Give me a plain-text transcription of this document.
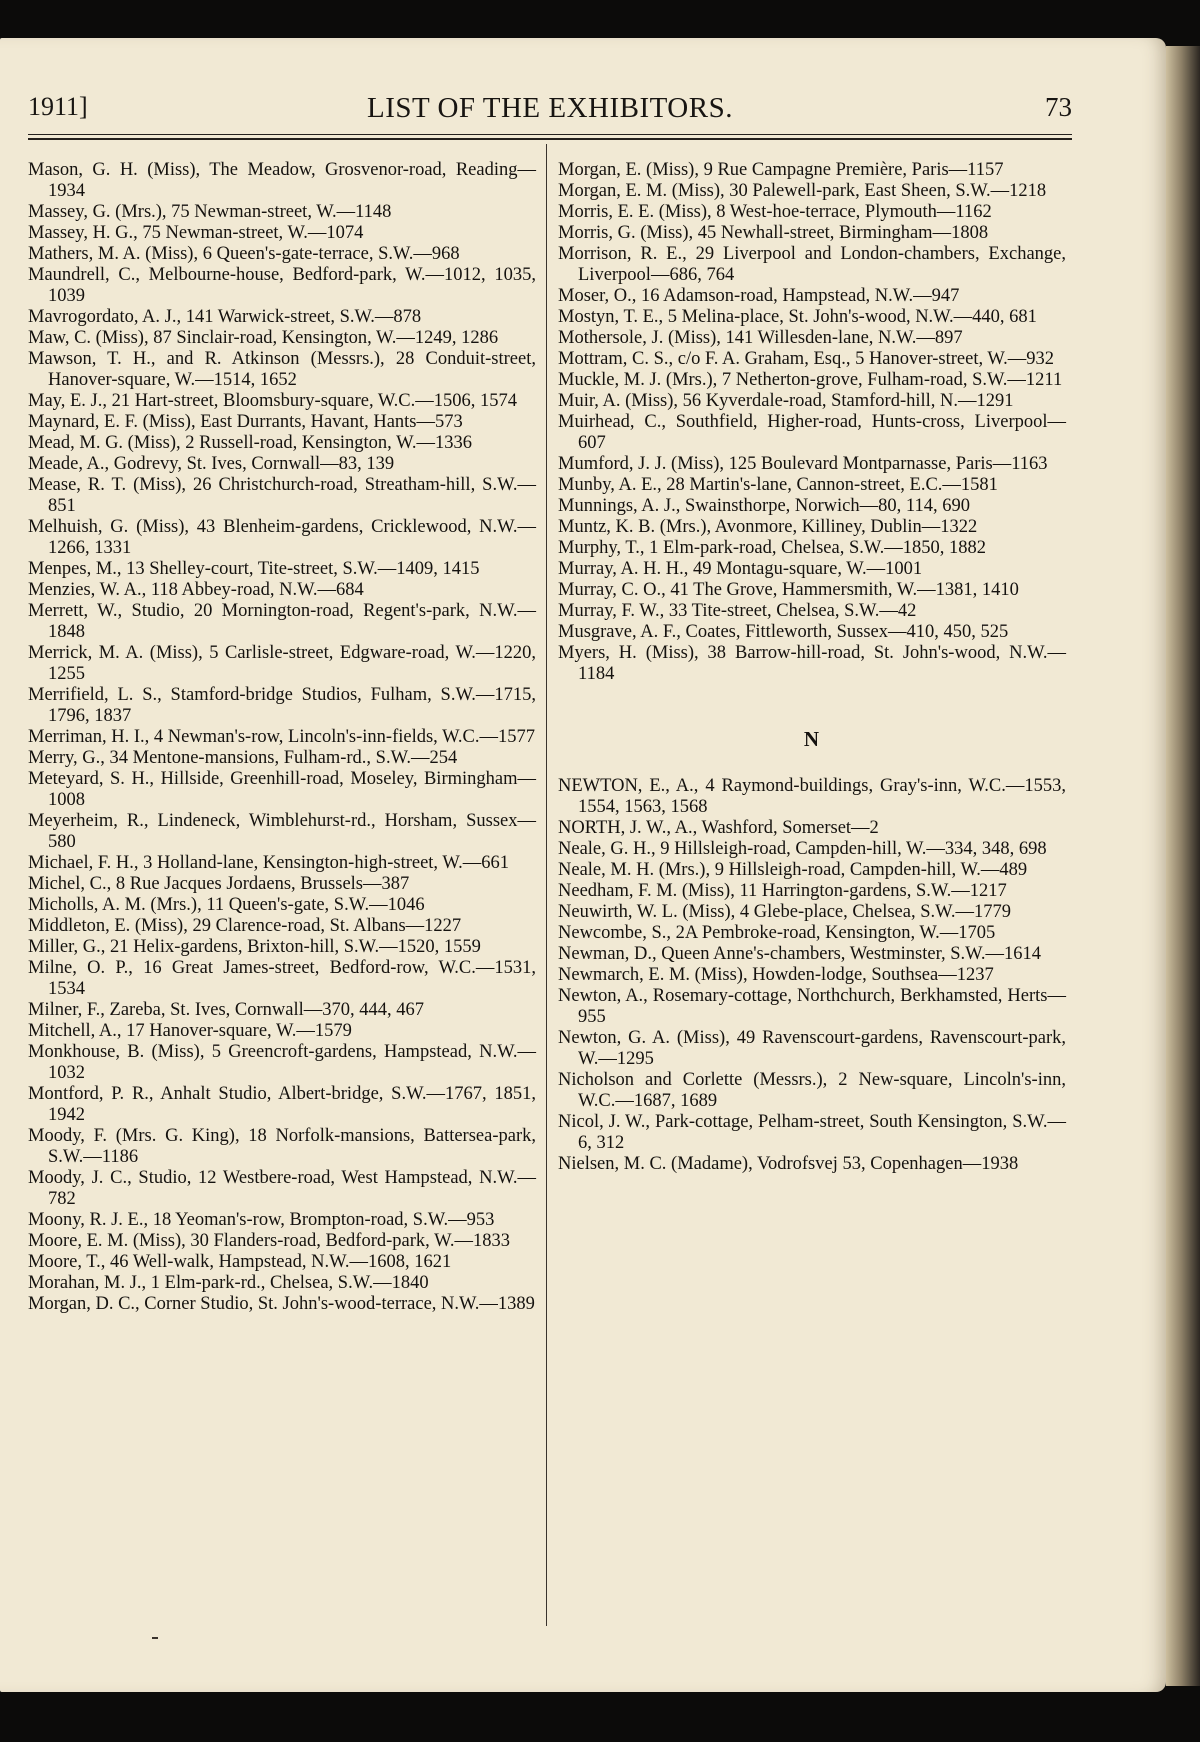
1911]	LIST OF THE EXHIBITORS.	73

Mason, G. H. (Miss), The Meadow, Grosvenor-road, Reading—1934

Massey, G. (Mrs.), 75 Newman-street, W.—1148

Massey, H. G., 75 Newman-street, W.—1074

Mathers, M. A. (Miss), 6 Queen's-gate-terrace, S.W.—968

Maundrell, C., Melbourne-house, Bedford-park, W.—1012, 1035, 1039

Mavrogordato, A. J., 141 Warwick-street, S.W.—878

Maw, C. (Miss), 87 Sinclair-road, Kensington, W.—1249, 1286

Mawson, T. H., and R. Atkinson (Messrs.), 28 Conduit-street, Hanover-square, W.—1514, 1652

May, E. J., 21 Hart-street, Bloomsbury-square, W.C.—1506, 1574

Maynard, E. F. (Miss), East Durrants, Havant, Hants—573

Mead, M. G. (Miss), 2 Russell-road, Kensington, W.—1336

Meade, A., Godrevy, St. Ives, Cornwall—83, 139

Mease, R. T. (Miss), 26 Christchurch-road, Streatham-hill, S.W.—851

Melhuish, G. (Miss), 43 Blenheim-gardens, Cricklewood, N.W.—1266, 1331

Menpes, M., 13 Shelley-court, Tite-street, S.W.—1409, 1415

Menzies, W. A., 118 Abbey-road, N.W.—684

Merrett, W., Studio, 20 Mornington-road, Regent's-park, N.W.—1848

Merrick, M. A. (Miss), 5 Carlisle-street, Edgware-road, W.—1220, 1255

Merrifield, L. S., Stamford-bridge Studios, Fulham, S.W.—1715, 1796, 1837

Merriman, H. I., 4 Newman's-row, Lincoln's-inn-fields, W.C.—1577

Merry, G., 34 Mentone-mansions, Fulham-rd., S.W.—254

Meteyard, S. H., Hillside, Greenhill-road, Moseley, Birmingham—1008

Meyerheim, R., Lindeneck, Wimblehurst-rd., Horsham, Sussex—580

Michael, F. H., 3 Holland-lane, Kensington-high-street, W.—661

Michel, C., 8 Rue Jacques Jordaens, Brussels—387

Micholls, A. M. (Mrs.), 11 Queen's-gate, S.W.—1046

Middleton, E. (Miss), 29 Clarence-road, St. Albans—1227

Miller, G., 21 Helix-gardens, Brixton-hill, S.W.—1520, 1559

Milne, O. P., 16 Great James-street, Bedford-row, W.C.—1531, 1534

Milner, F., Zareba, St. Ives, Cornwall—370, 444, 467

Mitchell, A., 17 Hanover-square, W.—1579

Monkhouse, B. (Miss), 5 Greencroft-gardens, Hampstead, N.W.—1032

Montford, P. R., Anhalt Studio, Albert-bridge, S.W.—1767, 1851, 1942

Moody, F. (Mrs. G. King), 18 Norfolk-mansions, Battersea-park, S.W.—1186

Moody, J. C., Studio, 12 Westbere-road, West Hampstead, N.W.—782

Moony, R. J. E., 18 Yeoman's-row, Brompton-road, S.W.—953

Moore, E. M. (Miss), 30 Flanders-road, Bedford-park, W.—1833

Moore, T., 46 Well-walk, Hampstead, N.W.—1608, 1621

Morahan, M. J., 1 Elm-park-rd., Chelsea, S.W.—1840

Morgan, D. C., Corner Studio, St. John's-wood-terrace, N.W.—1389

Morgan, E. (Miss), 9 Rue Campagne Première, Paris—1157

Morgan, E. M. (Miss), 30 Palewell-park, East Sheen, S.W.—1218

Morris, E. E. (Miss), 8 West-hoe-terrace, Plymouth—1162

Morris, G. (Miss), 45 Newhall-street, Birmingham—1808

Morrison, R. E., 29 Liverpool and London-chambers, Exchange, Liverpool—686, 764

Moser, O., 16 Adamson-road, Hampstead, N.W.—947

Mostyn, T. E., 5 Melina-place, St. John's-wood, N.W.—440, 681

Mothersole, J. (Miss), 141 Willesden-lane, N.W.—897

Mottram, C. S., c/o F. A. Graham, Esq., 5 Hanover-street, W.—932

Muckle, M. J. (Mrs.), 7 Netherton-grove, Fulham-road, S.W.—1211

Muir, A. (Miss), 56 Kyverdale-road, Stamford-hill, N.—1291

Muirhead, C., Southfield, Higher-road, Hunts-cross, Liverpool—607

Mumford, J. J. (Miss), 125 Boulevard Montparnasse, Paris—1163

Munby, A. E., 28 Martin's-lane, Cannon-street, E.C.—1581

Munnings, A. J., Swainsthorpe, Norwich—80, 114, 690

Muntz, K. B. (Mrs.), Avonmore, Killiney, Dublin—1322

Murphy, T., 1 Elm-park-road, Chelsea, S.W.—1850, 1882

Murray, A. H. H., 49 Montagu-square, W.—1001

Murray, C. O., 41 The Grove, Hammersmith, W.—1381, 1410

Murray, F. W., 33 Tite-street, Chelsea, S.W.—42

Musgrave, A. F., Coates, Fittleworth, Sussex—410, 450, 525

Myers, H. (Miss), 38 Barrow-hill-road, St. John's-wood, N.W.—1184

N

NEWTON, E., A., 4 Raymond-buildings, Gray's-inn, W.C.—1553, 1554, 1563, 1568

NORTH, J. W., A., Washford, Somerset—2

Neale, G. H., 9 Hillsleigh-road, Campden-hill, W.—334, 348, 698

Neale, M. H. (Mrs.), 9 Hillsleigh-road, Campden-hill, W.—489

Needham, F. M. (Miss), 11 Harrington-gardens, S.W.—1217

Neuwirth, W. L. (Miss), 4 Glebe-place, Chelsea, S.W.—1779

Newcombe, S., 2A Pembroke-road, Kensington, W.—1705

Newman, D., Queen Anne's-chambers, Westminster, S.W.—1614

Newmarch, E. M. (Miss), Howden-lodge, Southsea—1237

Newton, A., Rosemary-cottage, Northchurch, Berkhamsted, Herts—955

Newton, G. A. (Miss), 49 Ravenscourt-gardens, Ravenscourt-park, W.—1295

Nicholson and Corlette (Messrs.), 2 New-square, Lincoln's-inn, W.C.—1687, 1689

Nicol, J. W., Park-cottage, Pelham-street, South Kensington, S.W.—6, 312

Nielsen, M. C. (Madame), Vodrofsvej 53, Copenhagen—1938
